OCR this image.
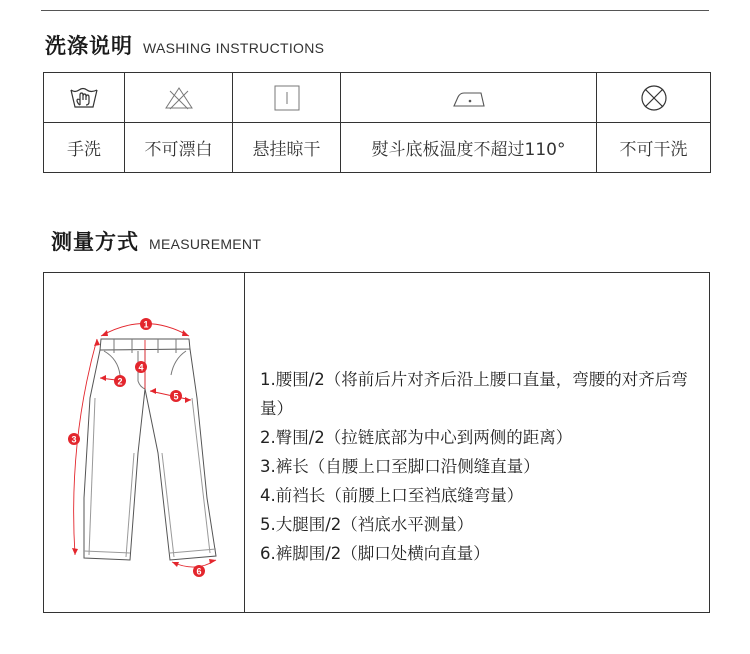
洗涤说明 WASHING INSTRUCTIONS

手洗	不可漂白	悬挂晾干	熨斗底板温度不超过110°	不可干洗
测量方式 MEASUREMENT
1
2
3
4
5
6
1.腰围/2（将前后片对齐后沿上腰口直量，弯腰的对齐后弯量）
2.臀围/2（拉链底部为中心到两侧的距离）
3.裤长（自腰上口至脚口沿侧缝直量）
4.前裆长（前腰上口至裆底缝弯量）
5.大腿围/2（裆底水平测量）
6.裤脚围/2（脚口处横向直量）
